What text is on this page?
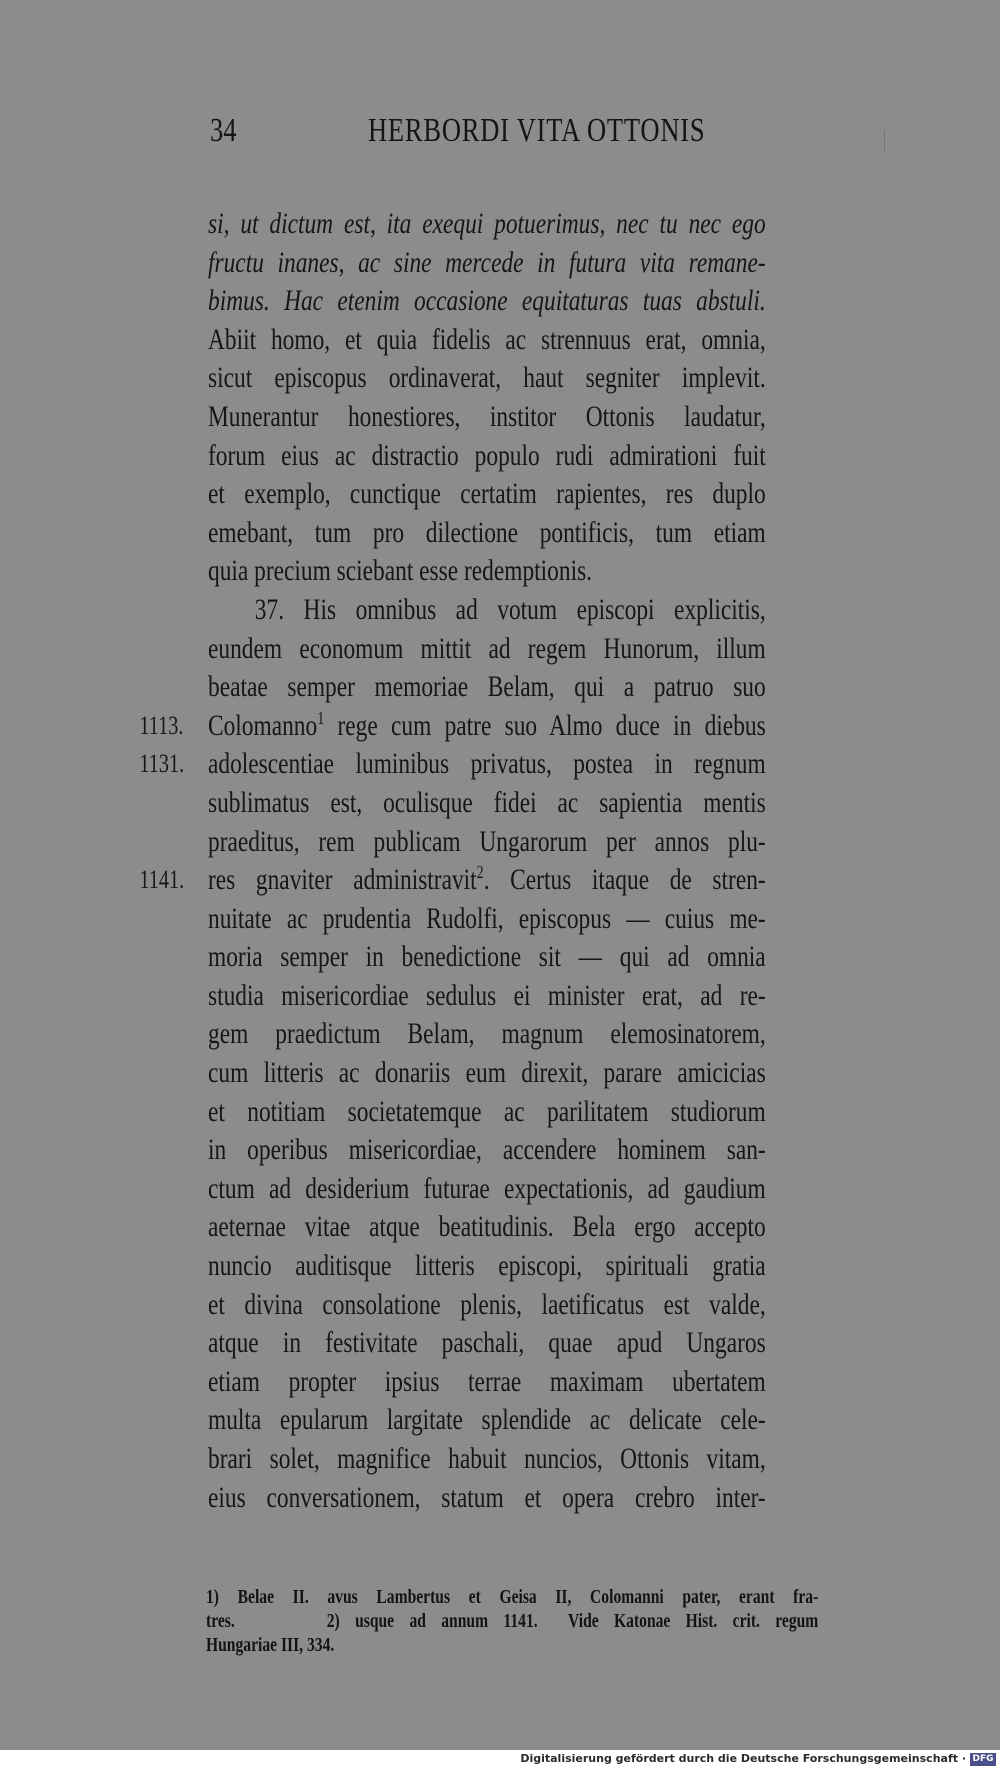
34	HERBORDI VITA OTTONIS
si, ut dictum est, ita exequi potuerimus, nec tu nec ego
fructu inanes, ac sine mercede in futura vita remane-
bimus. Hac etenim occasione equitaturas tuas abstuli.
Abiit homo, et quia fidelis ac strennuus erat, omnia,
sicut episcopus ordinaverat, haut segniter implevit.
Munerantur honestiores, institor Ottonis laudatur,
forum eius ac distractio populo rudi admirationi fuit
et exemplo, cunctique certatim rapientes, res duplo
emebant, tum pro dilectione pontificis, tum etiam
quia precium sciebant esse redemptionis.
37. His omnibus ad votum episcopi explicitis,
eundem economum mittit ad regem Hunorum, illum
beatae semper memoriae Belam, qui a patruo suo
1113. Colomanno$^1$ rege cum patre suo Almo duce in diebus
1131. adolescentiae luminibus privatus, postea in regnum
sublimatus est, oculisque fidei ac sapientia mentis
praeditus, rem publicam Ungarorum per annos plu-
1141. res gnaviter administravit$^2$. Certus itaque de stren-
nuitate ac prudentia Rudolfi, episcopus — cuius me-
moria semper in benedictione sit — qui ad omnia
studia misericordiae sedulus ei minister erat, ad re-
gem praedictum Belam, magnum elemosinatorem,
cum litteris ac donariis eum direxit, parare amicicias
et notitiam societatemque ac parilitatem studiorum
in operibus misericordiae, accendere hominem san-
ctum ad desiderium futurae expectationis, ad gaudium
aeternae vitae atque beatitudinis. Bela ergo accepto
nuncio auditisque litteris episcopi, spirituali gratia
et divina consolatione plenis, laetificatus est valde,
atque in festivitate paschali, quae apud Ungaros
etiam propter ipsius terrae maximam ubertatem
multa epularum largitate splendide ac delicate cele-
brari solet, magnifice habuit nuncios, Ottonis vitam,
eius conversationem, statum et opera crebro inter-
1) Belae II. avus Lambertus et Geisa II, Colomanni pater, erant fra-
tres.      2) usque ad annum 1141.  Vide Katonae Hist. crit. regum
Hungariae III, 334.
Digitalisierung gefördert durch die Deutsche Forschungsgemeinschaft · DFG
